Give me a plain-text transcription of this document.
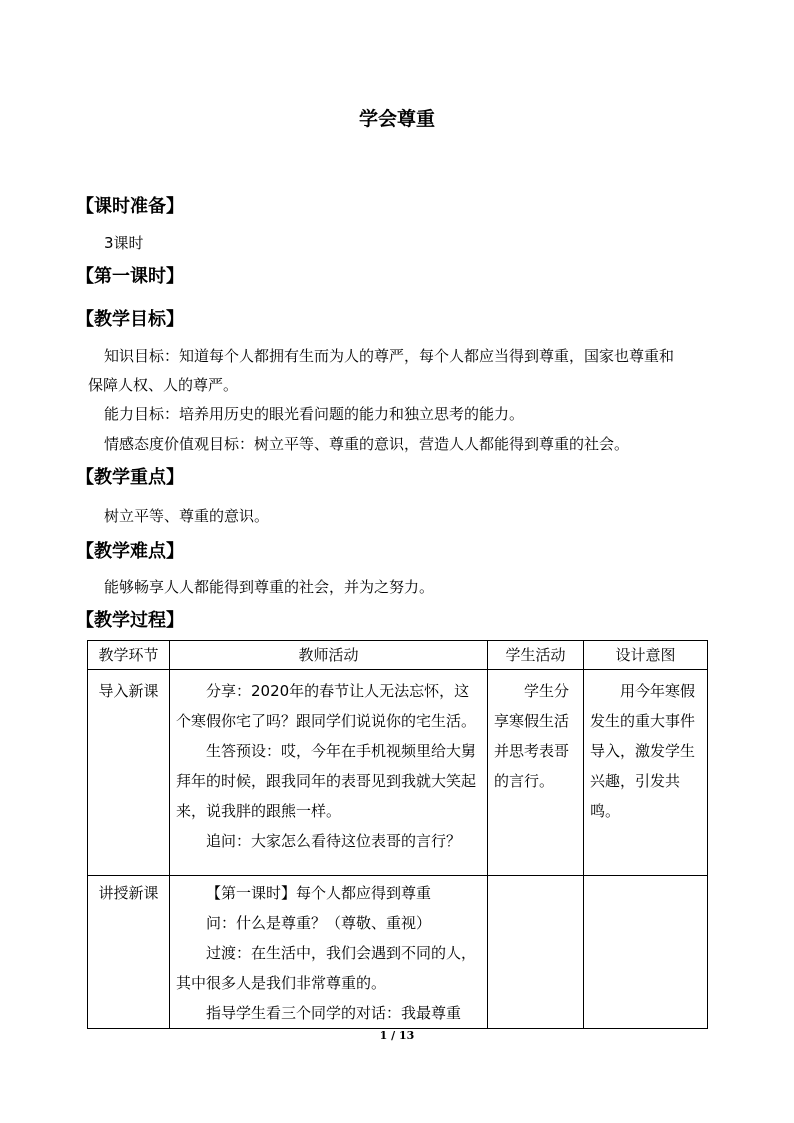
学会尊重
【课时准备】
3课时
【第一课时】
【教学目标】
知识目标：知道每个人都拥有生而为人的尊严，每个人都应当得到尊重，国家也尊重和
保障人权、人的尊严。
能力目标：培养用历史的眼光看问题的能力和独立思考的能力。
情感态度价值观目标：树立平等、尊重的意识，营造人人都能得到尊重的社会。
【教学重点】
树立平等、尊重的意识。
【教学难点】
能够畅享人人都能得到尊重的社会，并为之努力。
【教学过程】
教学环节	教师活动	学生活动	设计意图
导入新课	分享：2020年的春节让人无法忘怀，这个寒假你宅了吗？跟同学们说说你的宅生活。
生答预设：哎，今年在手机视频里给大舅拜年的时候，跟我同年的表哥见到我就大笑起来，说我胖的跟熊一样。
追问：大家怎么看待这位表哥的言行？	学生分享寒假生活并思考表哥的言行。	用今年寒假发生的重大事件导入，激发学生兴趣，引发共鸣。

讲授新课	【第一课时】每个人都应得到尊重
问：什么是尊重？（尊敬、重视）
过渡：在生活中，我们会遇到不同的人，其中很多人是我们非常尊重的。
指导学生看三个同学的对话：我最尊重		

1 / 13
